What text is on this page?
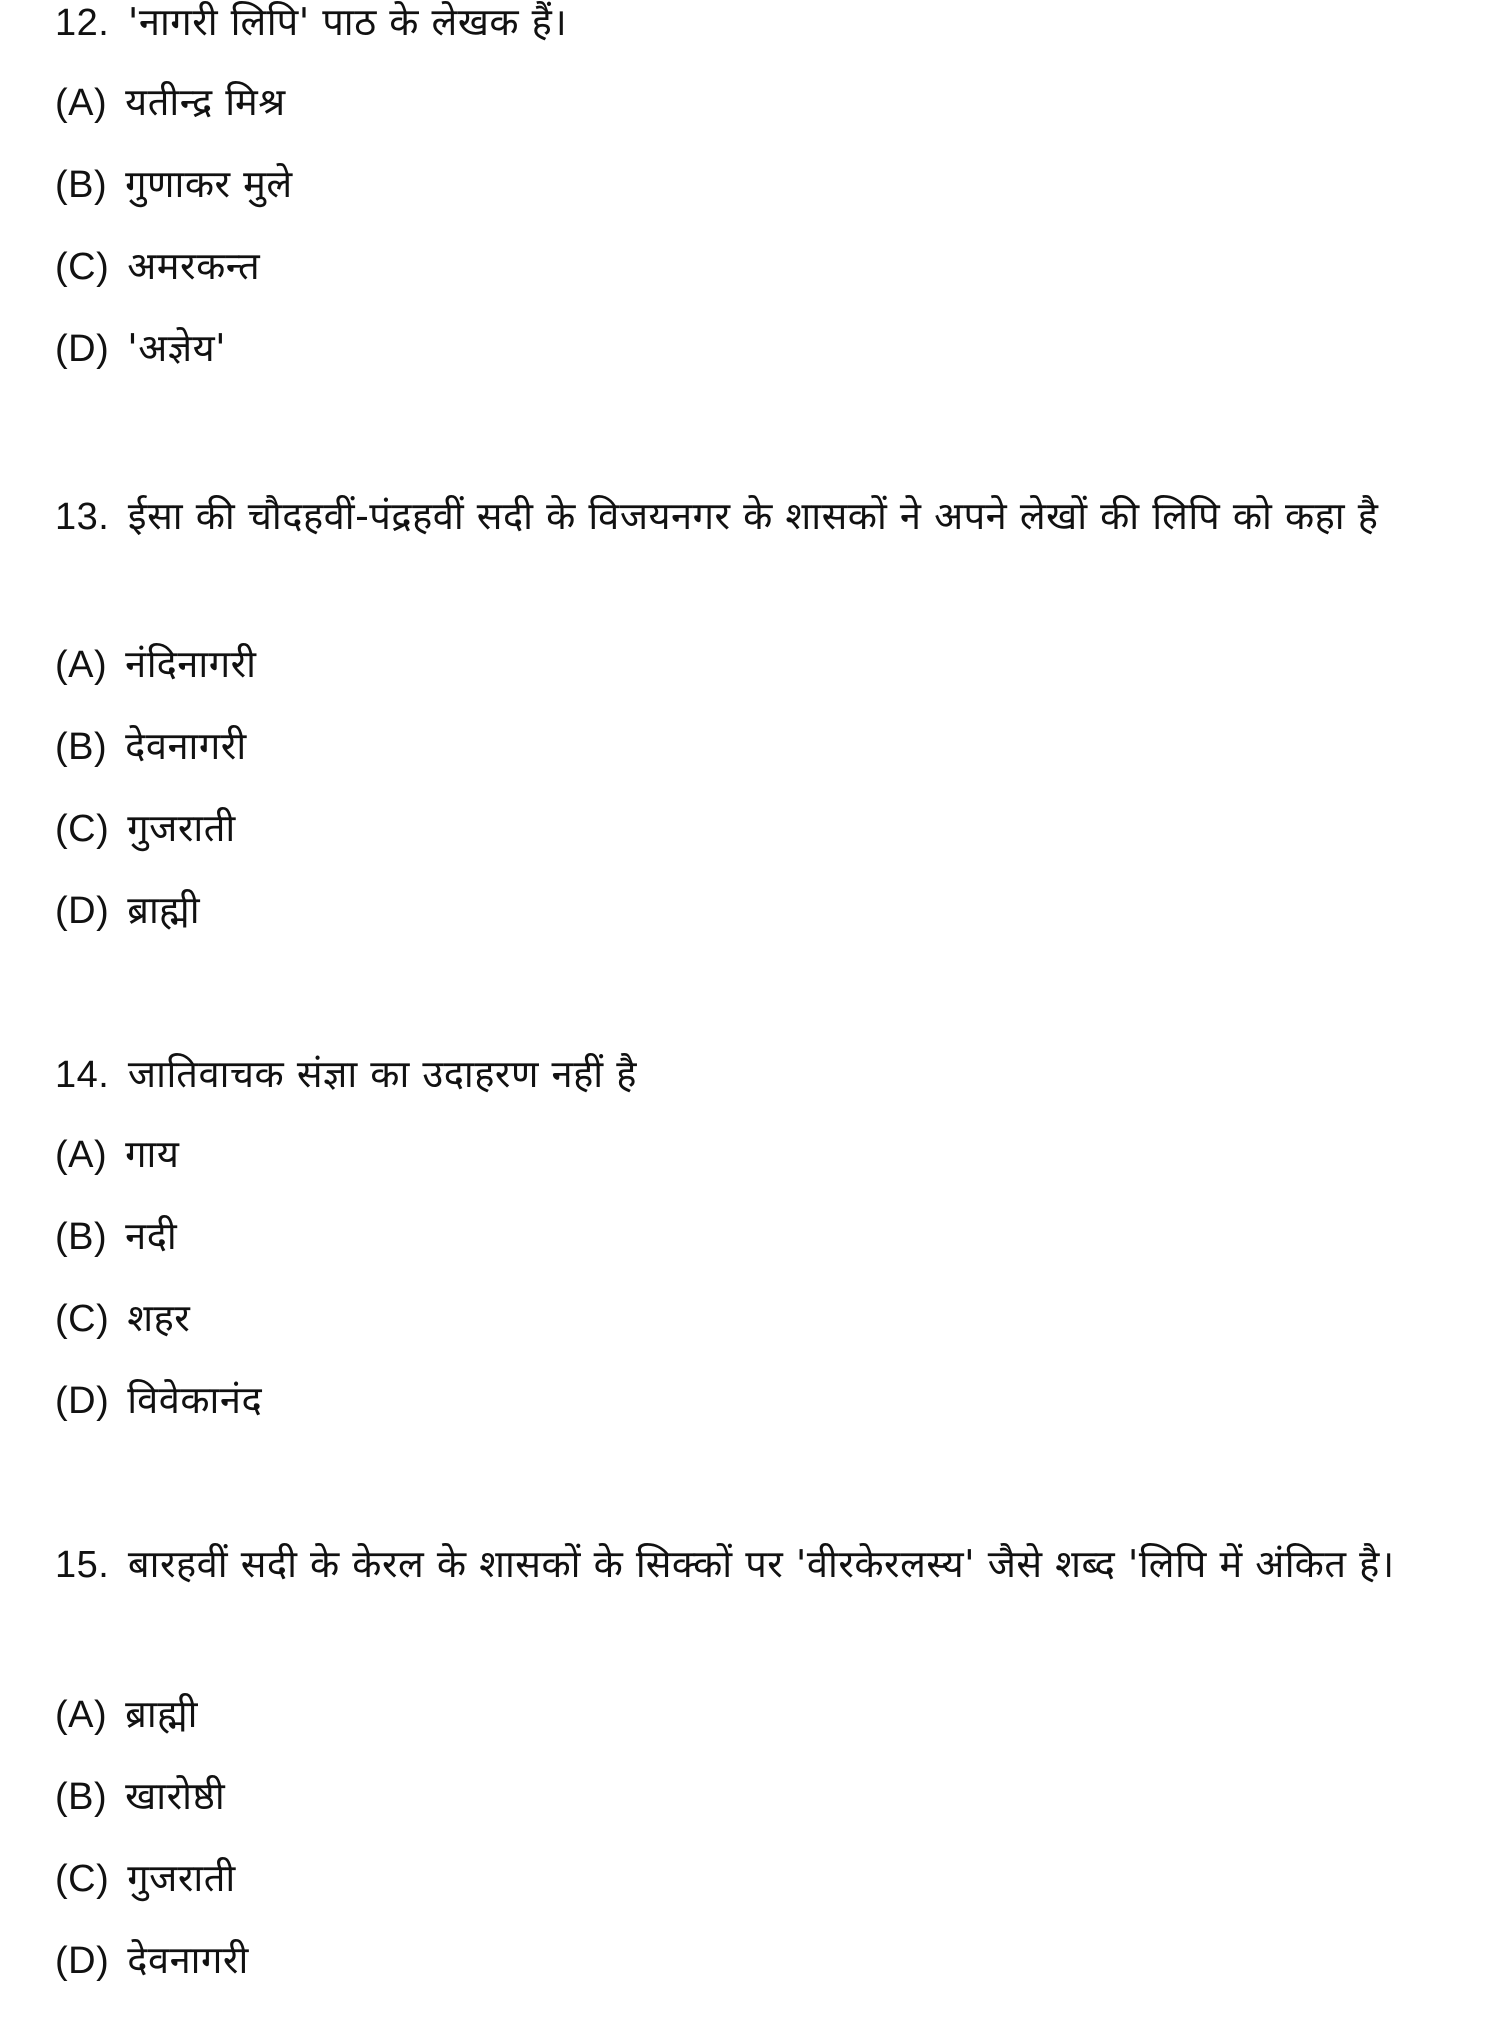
12. 'नागरी लिपि' पाठ के लेखक हैं।
(A) यतीन्द्र मिश्र
(B) गुणाकर मुले
(C) अमरकन्त
(D) 'अज्ञेय'
13. ईसा की चौदहवीं-पंद्रहवीं सदी के विजयनगर के शासकों ने अपने लेखों की लिपि को कहा है
(A) नंदिनागरी
(B) देवनागरी
(C) गुजराती
(D) ब्राह्मी
14. जातिवाचक संज्ञा का उदाहरण नहीं है
(A) गाय
(B) नदी
(C) शहर
(D) विवेकानंद
15. बारहवीं सदी के केरल के शासकों के सिक्कों पर 'वीरकेरलस्य' जैसे शब्द 'लिपि में अंकित है।
(A) ब्राह्मी
(B) खारोष्ठी
(C) गुजराती
(D) देवनागरी
